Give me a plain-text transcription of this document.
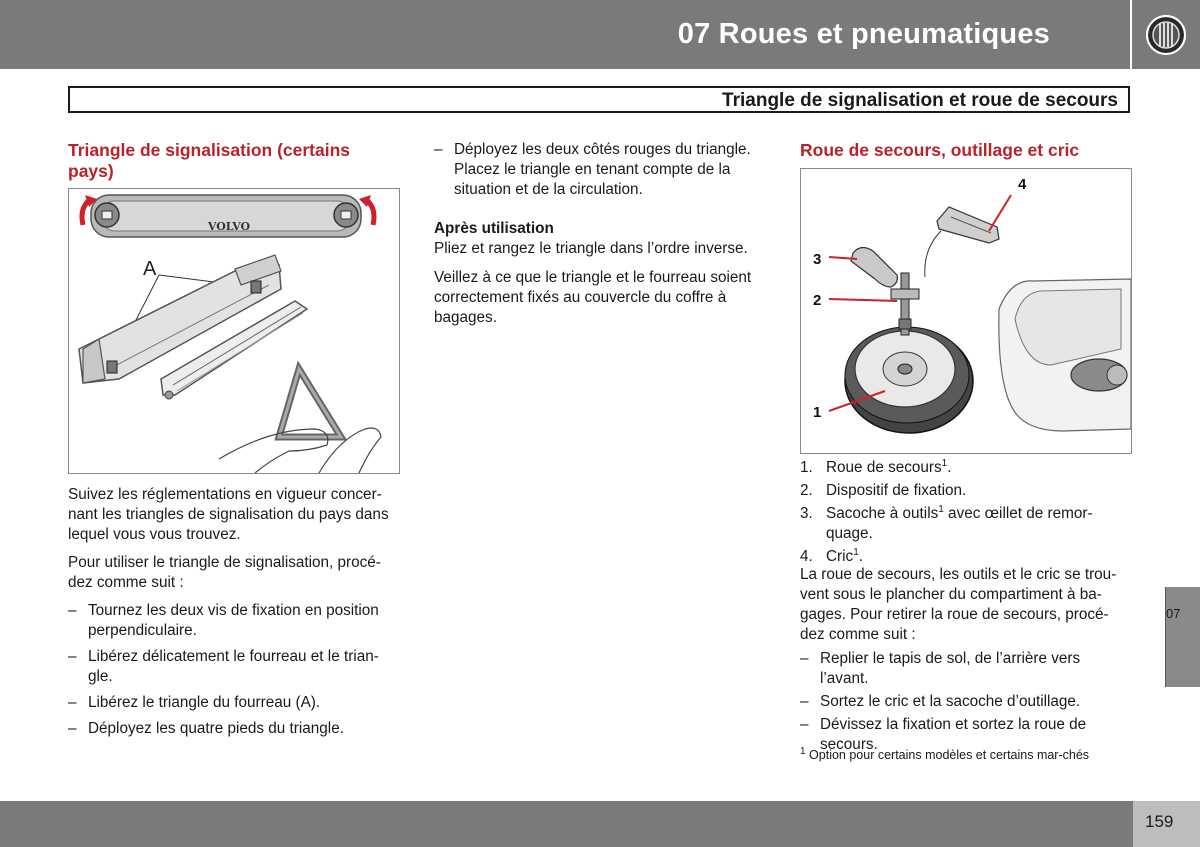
07 Roues et pneumatiques
Triangle de signalisation et roue de secours
Triangle de signalisation (certains pays)
VOLVO
A
Suivez les réglementations en vigueur concer-nant les triangles de signalisation du pays dans lequel vous vous trouvez.
Pour utiliser le triangle de signalisation, procé-dez comme suit :
– Tournez les deux vis de fixation en position perpendiculaire.
– Libérez délicatement le fourreau et le trian-gle.
– Libérez le triangle du fourreau (A).
– Déployez les quatre pieds du triangle.
– Déployez les deux côtés rouges du triangle. Placez le triangle en tenant compte de la situation et de la circulation.
Après utilisation
Pliez et rangez le triangle dans l’ordre inverse.
Veillez à ce que le triangle et le fourreau soient correctement fixés au couvercle du coffre à bagages.
Roue de secours, outillage et cric
1
2
3
4
1. Roue de secours$^1$.
2. Dispositif de fixation.
3. Sacoche à outils$^1$ avec œillet de remor-quage.
4. Cric$^1$.
La roue de secours, les outils et le cric se trou-vent sous le plancher du compartiment à ba-gages. Pour retirer la roue de secours, procé-dez comme suit :
– Replier le tapis de sol, de l’arrière vers l’avant.
– Sortez le cric et la sacoche d’outillage.
– Dévissez la fixation et sortez la roue de secours.
$^1$ Option pour certains modèles et certains mar-chés
07
159
